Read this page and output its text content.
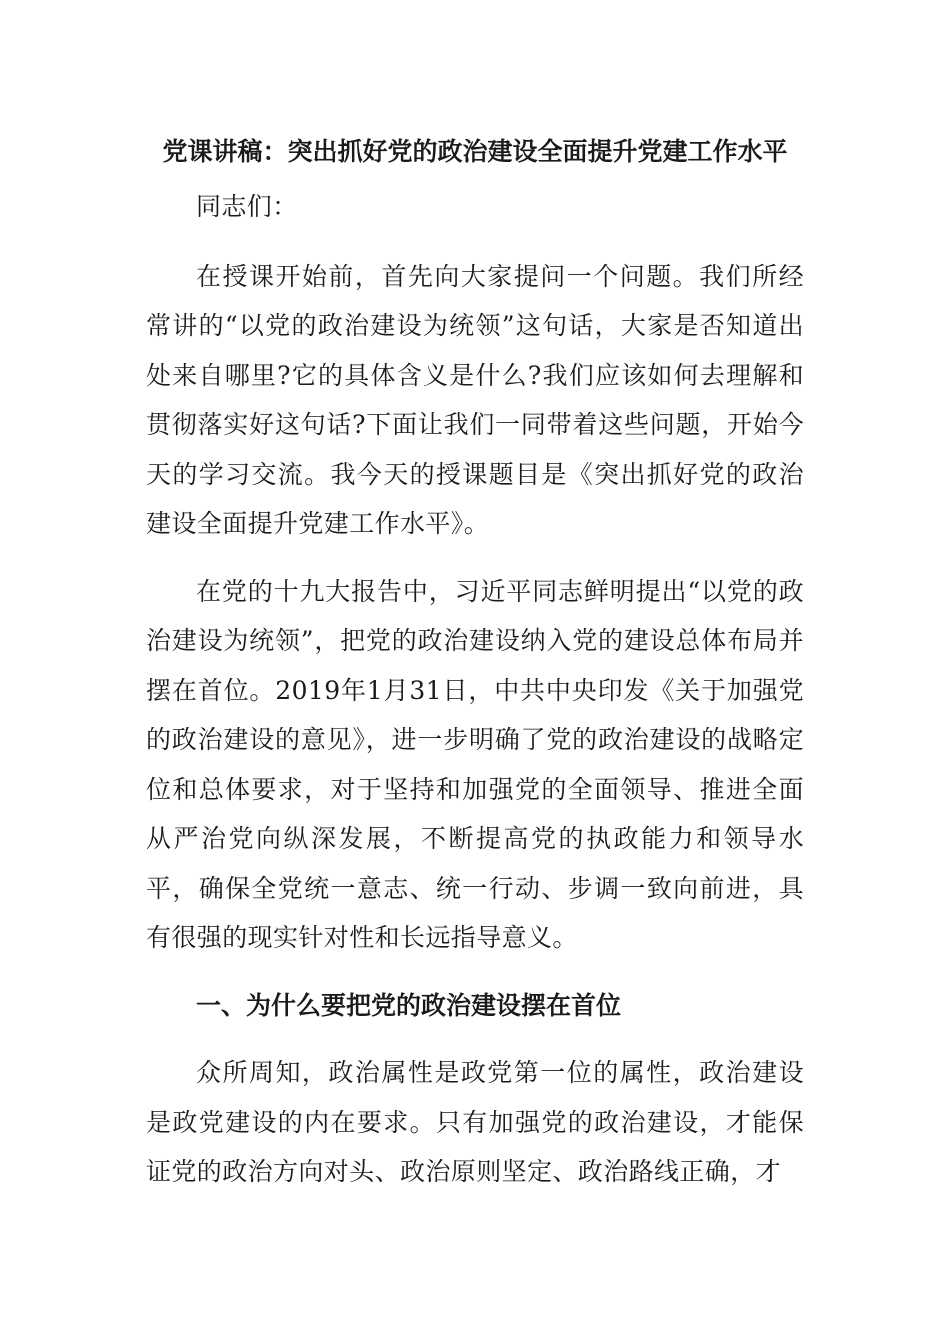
党课讲稿：突出抓好党的政治建设全面提升党建工作水平

同志们：

在授课开始前，首先向大家提问一个问题。我们所经常讲的“以党的政治建设为统领”这句话，大家是否知道出处来自哪里?它的具体含义是什么?我们应该如何去理解和贯彻落实好这句话?下面让我们一同带着这些问题，开始今天的学习交流。我今天的授课题目是《突出抓好党的政治建设全面提升党建工作水平》。

在党的十九大报告中，习近平同志鲜明提出“以党的政治建设为统领”，把党的政治建设纳入党的建设总体布局并摆在首位。2019年1月31日，中共中央印发《关于加强党的政治建设的意见》，进一步明确了党的政治建设的战略定位和总体要求，对于坚持和加强党的全面领导、推进全面从严治党向纵深发展，不断提高党的执政能力和领导水平，确保全党统一意志、统一行动、步调一致向前进，具有很强的现实针对性和长远指导意义。

一、为什么要把党的政治建设摆在首位

众所周知，政治属性是政党第一位的属性，政治建设是政党建设的内在要求。只有加强党的政治建设，才能保证党的政治方向对头、政治原则坚定、政治路线正确，才
